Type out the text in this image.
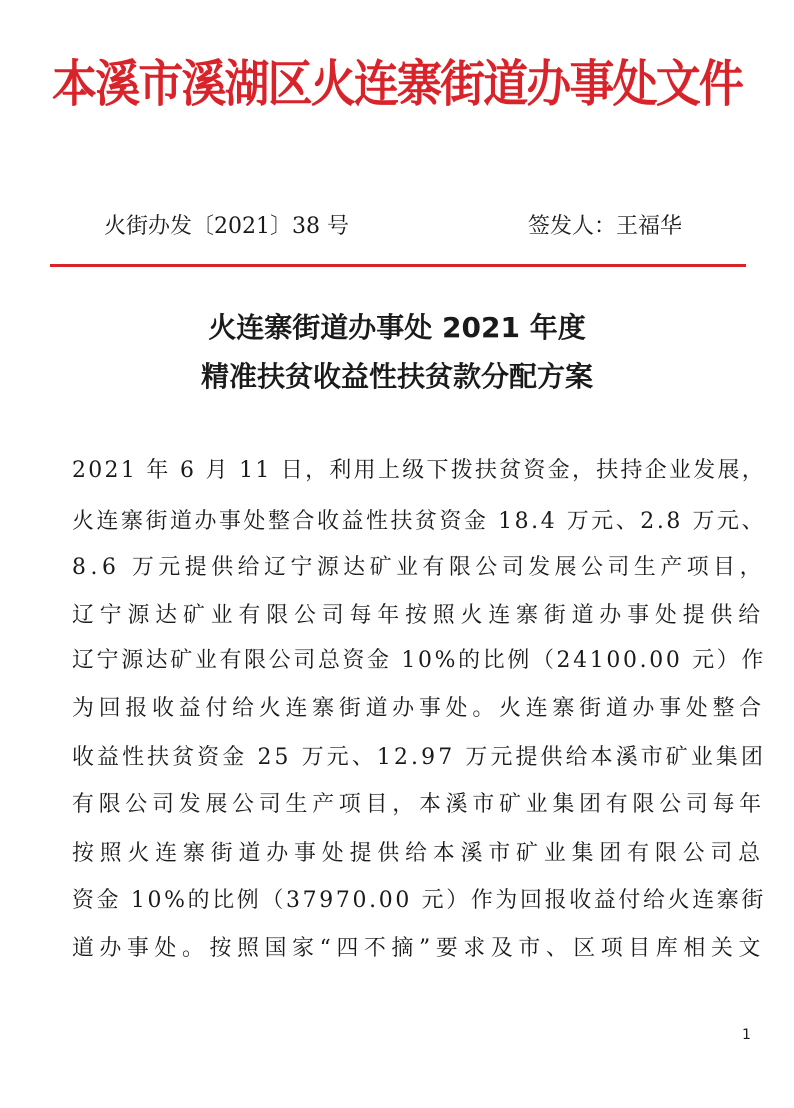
本溪市溪湖区火连寨街道办事处文件
火街办发〔2021〕38 号	签发人：王福华
火连寨街道办事处 2021 年度
精准扶贫收益性扶贫款分配方案
2021 年 6 月 11 日，利用上级下拨扶贫资金，扶持企业发展，
火连寨街道办事处整合收益性扶贫资金 18.4 万元、2.8 万元、
8.6 万元提供给辽宁源达矿业有限公司发展公司生产项目，
辽宁源达矿业有限公司每年按照火连寨街道办事处提供给
辽宁源达矿业有限公司总资金 10%的比例（24100.00 元）作
为回报收益付给火连寨街道办事处。火连寨街道办事处整合
收益性扶贫资金 25 万元、12.97 万元提供给本溪市矿业集团
有限公司发展公司生产项目，本溪市矿业集团有限公司每年
按照火连寨街道办事处提供给本溪市矿业集团有限公司总
资金 10%的比例（37970.00 元）作为回报收益付给火连寨街
道办事处。按照国家“四不摘”要求及市、区项目库相关文
1
